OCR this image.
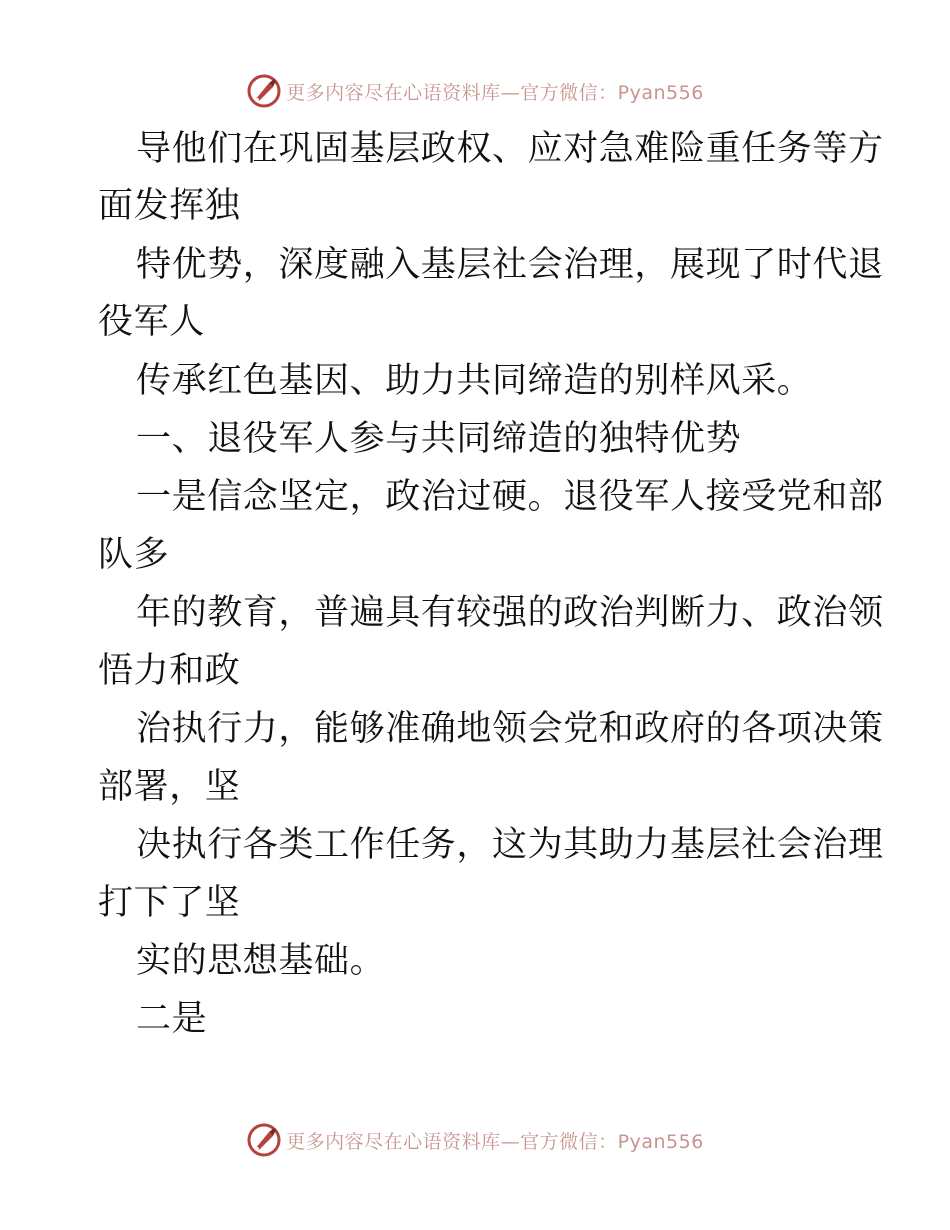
更多内容尽在心语资料库—官方微信：Pyan556
导他们在巩固基层政权、应对急难险重任务等方
面发挥独
特优势，深度融入基层社会治理，展现了时代退
役军人
传承红色基因、助力共同缔造的别样风采。
一、退役军人参与共同缔造的独特优势
一是信念坚定，政治过硬。退役军人接受党和部
队多
年的教育，普遍具有较强的政治判断力、政治领
悟力和政
治执行力，能够准确地领会党和政府的各项决策
部署，坚
决执行各类工作任务，这为其助力基层社会治理
打下了坚
实的思想基础。
二是
更多内容尽在心语资料库—官方微信：Pyan556
